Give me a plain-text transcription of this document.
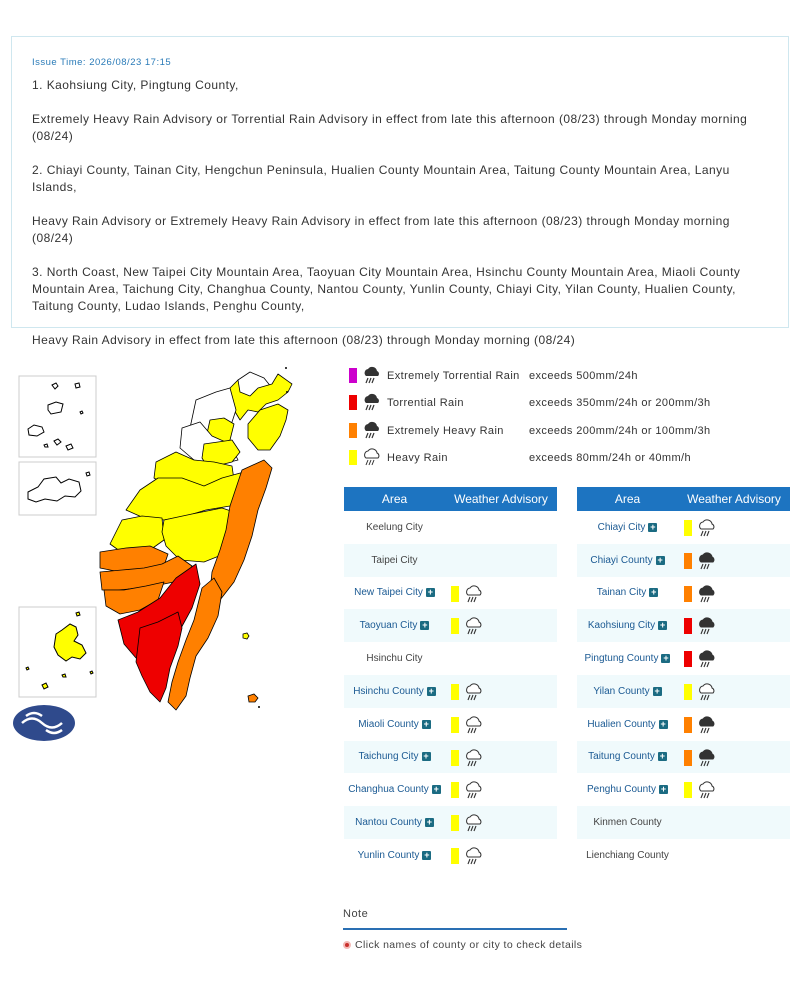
Issue Time: 2026/08/23 17:15

1. Kaohsiung City, Pingtung County,

Extremely Heavy Rain Advisory or Torrential Rain Advisory in effect from late this afternoon (08/23) through Monday morning (08/24)

2. Chiayi County, Tainan City, Hengchun Peninsula, Hualien County Mountain Area, Taitung County Mountain Area, Lanyu Islands,

Heavy Rain Advisory or Extremely Heavy Rain Advisory in effect from late this afternoon (08/23) through Monday morning (08/24)

3. North Coast, New Taipei City Mountain Area, Taoyuan City Mountain Area, Hsinchu County Mountain Area, Miaoli County Mountain Area, Taichung City, Changhua County, Nantou County, Yunlin County, Chiayi City, Yilan County, Hualien County, Taitung County, Ludao Islands, Penghu County,

Heavy Rain Advisory in effect from late this afternoon (08/23) through Monday morning (08/24)

Extremely Torrential Rain exceeds 500mm/24h
Torrential Rain	exceeds 350mm/24h or 200mm/3h
Extremely Heavy Rain exceeds 200mm/24h or 100mm/3h
Heavy Rain	exceeds 80mm/24h or 40mm/h
Area	Weather Advisory
Keelung City
Taipei City
New Taipei City +
Taoyuan City +
Hsinchu City
Hsinchu County +
Miaoli County +
Taichung City +
Changhua County +
Nantou County +
Yunlin County +
Area	Weather Advisory
Chiayi City +
Chiayi County +
Tainan City +
Kaohsiung City +
Pingtung County +
Yilan County +
Hualien County +
Taitung County +
Penghu County +
Kinmen County
Lienchiang County
Note
Click names of county or city to check details
